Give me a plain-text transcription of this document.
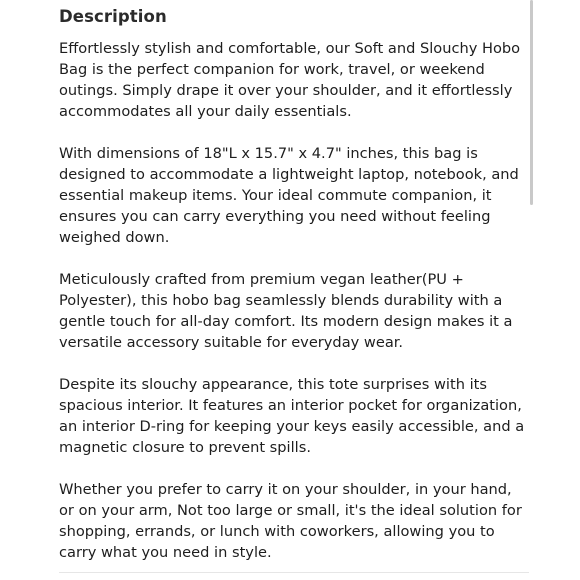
Description

Effortlessly stylish and comfortable, our Soft and Slouchy Hobo Bag is the perfect companion for work, travel, or weekend outings. Simply drape it over your shoulder, and it effortlessly accommodates all your daily essentials.

With dimensions of 18"L x 15.7" x 4.7" inches, this bag is designed to accommodate a lightweight laptop, notebook, and essential makeup items. Your ideal commute companion, it ensures you can carry everything you need without feeling weighed down.

Meticulously crafted from premium vegan leather(PU + Polyester), this hobo bag seamlessly blends durability with a gentle touch for all-day comfort. Its modern design makes it a versatile accessory suitable for everyday wear.

Despite its slouchy appearance, this tote surprises with its spacious interior. It features an interior pocket for organization, an interior D-ring for keeping your keys easily accessible, and a magnetic closure to prevent spills.

Whether you prefer to carry it on your shoulder, in your hand, or on your arm, Not too large or small, it's the ideal solution for shopping, errands, or lunch with coworkers, allowing you to carry what you need in style.
